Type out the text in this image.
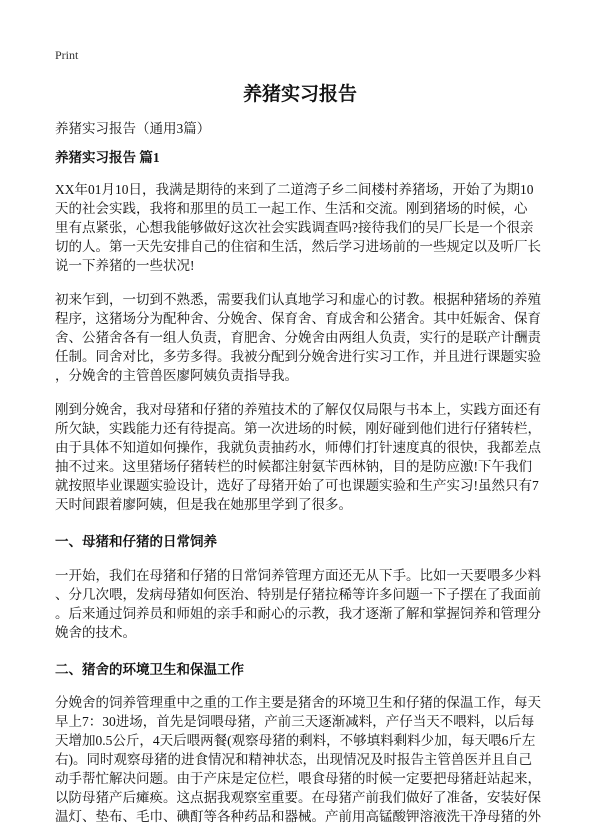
Print
养猪实习报告
养猪实习报告（通用3篇）
养猪实习报告 篇1
XX年01月10日，我满是期待的来到了二道湾子乡二间楼村养猪场，开始了为期10
天的社会实践，我将和那里的员工一起工作、生活和交流。刚到猪场的时候，心
里有点紧张，心想我能够做好这次社会实践调查吗?接待我们的吴厂长是一个很亲
切的人。第一天先安排自己的住宿和生活，然后学习进场前的一些规定以及听厂长
说一下养猪的一些状况!
初来乍到，一切到不熟悉，需要我们认真地学习和虚心的讨教。根据种猪场的养殖
程序，这猪场分为配种舍、分娩舍、保育舍、育成舍和公猪舍。其中妊娠舍、保育
舍、公猪舍各有一组人负责，育肥舍、分娩舍由两组人负责，实行的是联产计酬责
任制。同舍对比，多劳多得。我被分配到分娩舍进行实习工作，并且进行课题实验
，分娩舍的主管兽医廖阿姨负责指导我。
刚到分娩舍，我对母猪和仔猪的养殖技术的了解仅仅局限与书本上，实践方面还有
所欠缺，实践能力还有待提高。第一次进场的时候，刚好碰到他们进行仔猪转栏，
由于具体不知道如何操作，我就负责抽药水，师傅们打针速度真的很快，我都差点
抽不过来。这里猪场仔猪转栏的时候都注射氨苄西林钠，目的是防应激!下午我们
就按照毕业课题实验设计，选好了母猪开始了可也课题实验和生产实习!虽然只有7
天时间跟着廖阿姨，但是我在她那里学到了很多。
一、母猪和仔猪的日常饲养
一开始，我们在母猪和仔猪的日常饲养管理方面还无从下手。比如一天要喂多少料
、分几次喂，发病母猪如何医治、特别是仔猪拉稀等许多问题一下子摆在了我面前
。后来通过饲养员和师姐的亲手和耐心的示教，我才逐渐了解和掌握饲养和管理分
娩舍的技术。
二、猪舍的环境卫生和保温工作
分娩舍的饲养管理重中之重的工作主要是猪舍的环境卫生和仔猪的保温工作，每天
早上7：30进场，首先是饲喂母猪，产前三天逐渐减料，产仔当天不喂料，以后每
天增加0.5公斤，4天后喂两餐(观察母猪的剩料，不够填料剩料少加，每天喂6斤左
右)。同时观察母猪的进食情况和精神状态，出现情况及时报告主管兽医并且自己
动手帮忙解决问题。由于产床是定位栏，喂食母猪的时候一定要把母猪赶站起来，
以防母猪产后瘫痪。这点据我观察室重要。在母猪产前我们做好了准备，安装好保
温灯、垫布、毛巾、碘酊等各种药品和器械。产前用高锰酸钾溶液洗干净母猪的外
